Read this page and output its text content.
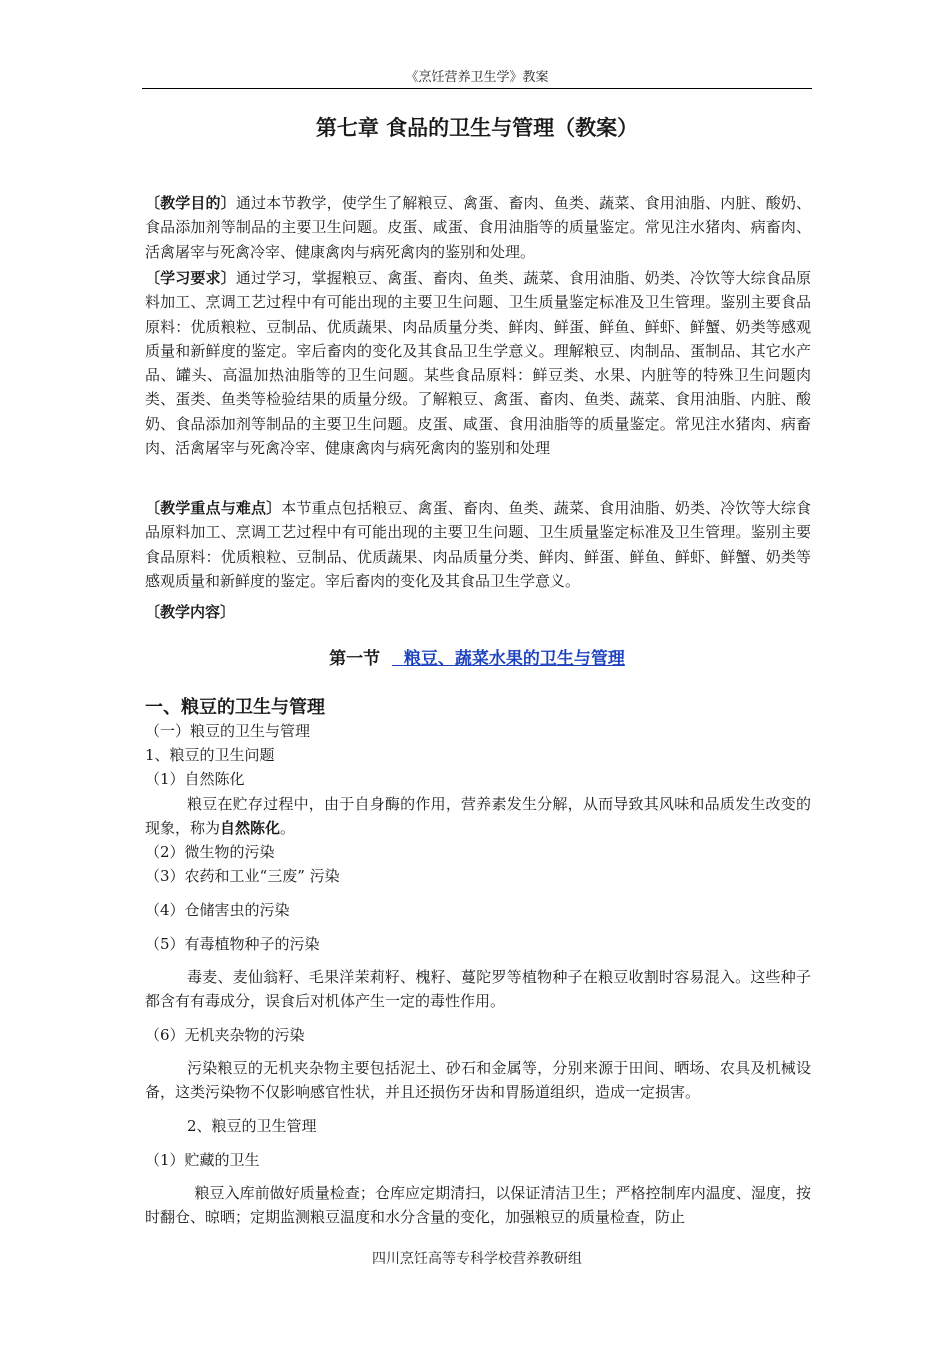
《烹饪营养卫生学》教案
第七章 食品的卫生与管理（教案）
〔教学目的〕通过本节教学，使学生了解粮豆、禽蛋、畜肉、鱼类、蔬菜、食用油脂、内脏、酸奶、食品添加剂等制品的主要卫生问题。皮蛋、咸蛋、食用油脂等的质量鉴定。常见注水猪肉、病畜肉、活禽屠宰与死禽冷宰、健康禽肉与病死禽肉的鉴别和处理。
〔学习要求〕通过学习，掌握粮豆、禽蛋、畜肉、鱼类、蔬菜、食用油脂、奶类、冷饮等大综食品原料加工、烹调工艺过程中有可能出现的主要卫生问题、卫生质量鉴定标准及卫生管理。鉴别主要食品原料：优质粮粒、豆制品、优质蔬果、肉品质量分类、鲜肉、鲜蛋、鲜鱼、鲜虾、鲜蟹、奶类等感观质量和新鲜度的鉴定。宰后畜肉的变化及其食品卫生学意义。理解粮豆、肉制品、蛋制品、其它水产品、罐头、高温加热油脂等的卫生问题。某些食品原料：鲜豆类、水果、内脏等的特殊卫生问题肉类、蛋类、鱼类等检验结果的质量分级。了解粮豆、禽蛋、畜肉、鱼类、蔬菜、食用油脂、内脏、酸奶、食品添加剂等制品的主要卫生问题。皮蛋、咸蛋、食用油脂等的质量鉴定。常见注水猪肉、病畜肉、活禽屠宰与死禽冷宰、健康禽肉与病死禽肉的鉴别和处理
〔教学重点与难点〕本节重点包括粮豆、禽蛋、畜肉、鱼类、蔬菜、食用油脂、奶类、冷饮等大综食品原料加工、烹调工艺过程中有可能出现的主要卫生问题、卫生质量鉴定标准及卫生管理。鉴别主要食品原料：优质粮粒、豆制品、优质蔬果、肉品质量分类、鲜肉、鲜蛋、鲜鱼、鲜虾、鲜蟹、奶类等感观质量和新鲜度的鉴定。宰后畜肉的变化及其食品卫生学意义。
〔教学内容〕
第一节 粮豆、蔬菜水果的卫生与管理
一、粮豆的卫生与管理
（一）粮豆的卫生与管理
1、粮豆的卫生问题
（1）自然陈化
粮豆在贮存过程中，由于自身酶的作用，营养素发生分解，从而导致其风味和品质发生改变的现象，称为自然陈化。
（2）微生物的污染
（3）农药和工业“三废” 污染
（4）仓储害虫的污染
（5）有毒植物种子的污染
毒麦、麦仙翁籽、毛果洋茉莉籽、槐籽、蔓陀罗等植物种子在粮豆收割时容易混入。这些种子都含有有毒成分，误食后对机体产生一定的毒性作用。
（6）无机夹杂物的污染
污染粮豆的无机夹杂物主要包括泥土、砂石和金属等，分别来源于田间、晒场、农具及机械设备，这类污染物不仅影响感官性状，并且还损伤牙齿和胃肠道组织，造成一定损害。
2、粮豆的卫生管理
（1）贮藏的卫生
粮豆入库前做好质量检查；仓库应定期清扫，以保证清洁卫生；严格控制库内温度、湿度，按时翻仓、晾晒；定期监测粮豆温度和水分含量的变化，加强粮豆的质量检查，防止
四川烹饪高等专科学校营养教研组
